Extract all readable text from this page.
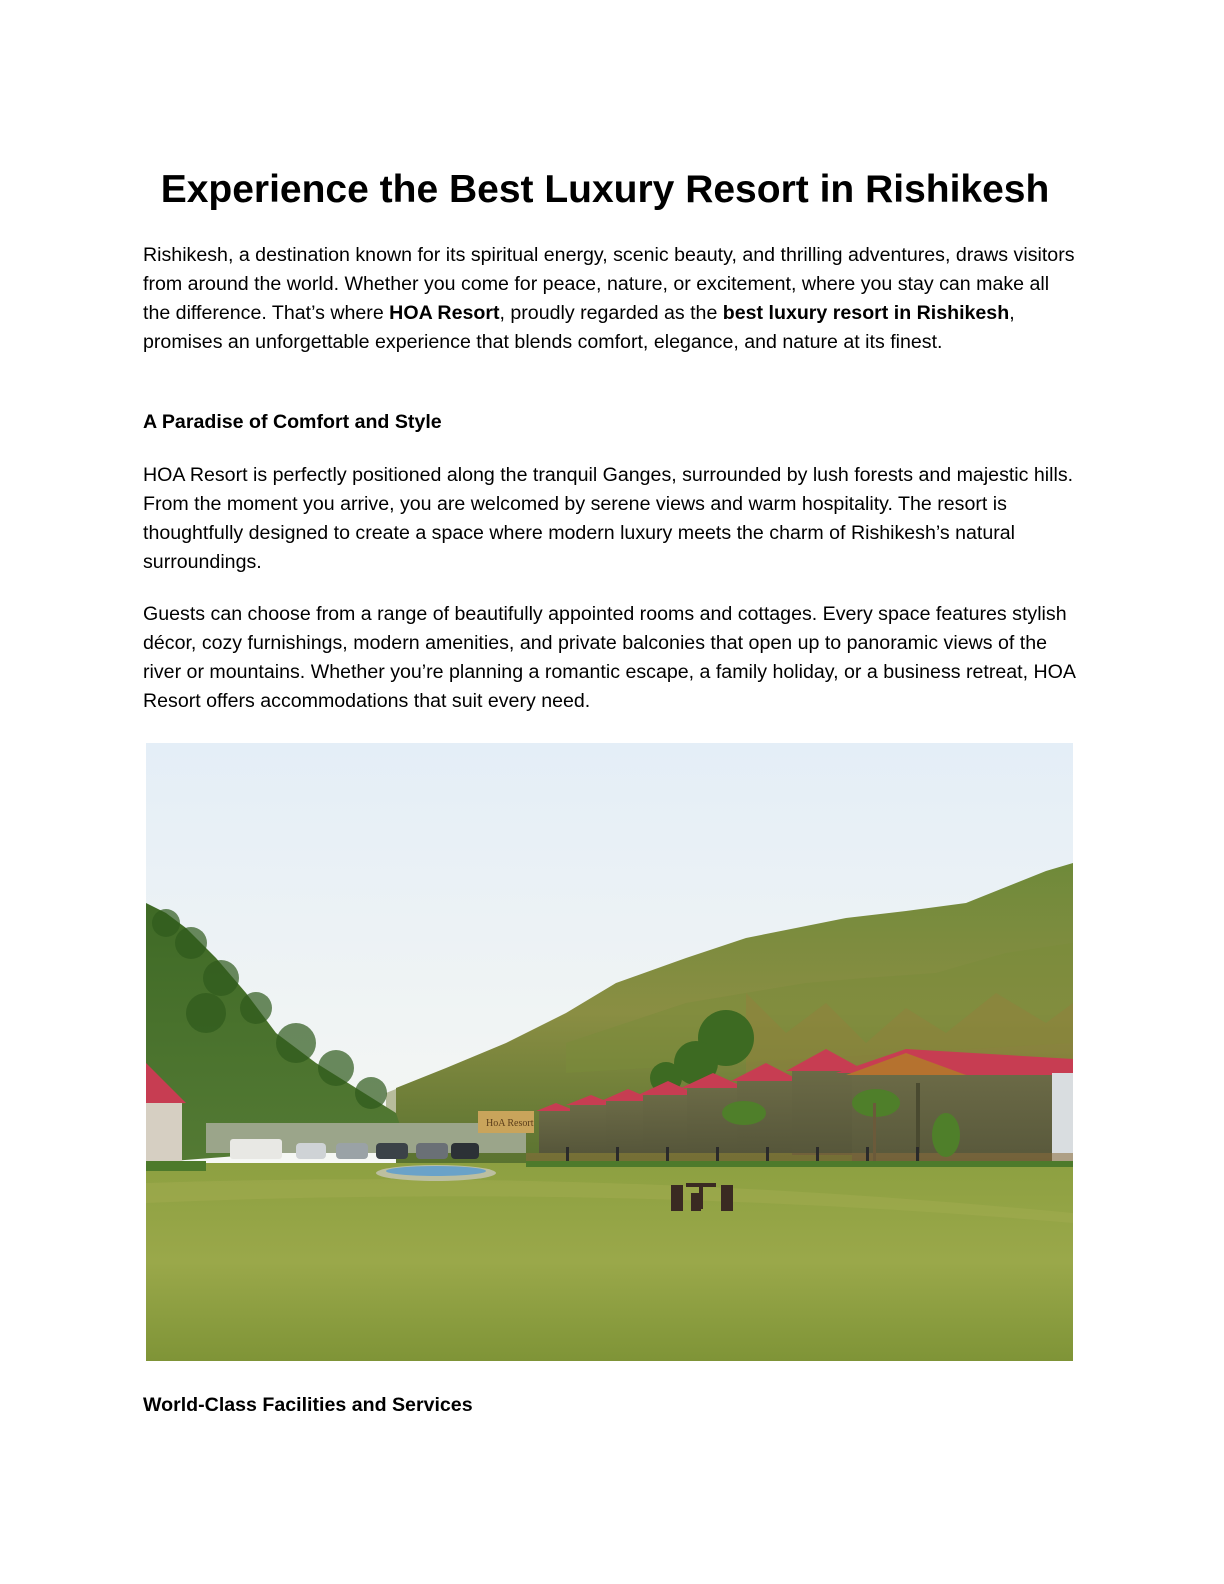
Experience the Best Luxury Resort in Rishikesh

Rishikesh, a destination known for its spiritual energy, scenic beauty, and thrilling adventures, draws visitors from around the world. Whether you come for peace, nature, or excitement, where you stay can make all the difference. That’s where HOA Resort, proudly regarded as the best luxury resort in Rishikesh, promises an unforgettable experience that blends comfort, elegance, and nature at its finest.

A Paradise of Comfort and Style

HOA Resort is perfectly positioned along the tranquil Ganges, surrounded by lush forests and majestic hills. From the moment you arrive, you are welcomed by serene views and warm hospitality. The resort is thoughtfully designed to create a space where modern luxury meets the charm of Rishikesh’s natural surroundings.

Guests can choose from a range of beautifully appointed rooms and cottages. Every space features stylish décor, cozy furnishings, modern amenities, and private balconies that open up to panoramic views of the river or mountains. Whether you’re planning a romantic escape, a family holiday, or a business retreat, HOA Resort offers accommodations that suit every need.

HoA Resort
World-Class Facilities and Services
